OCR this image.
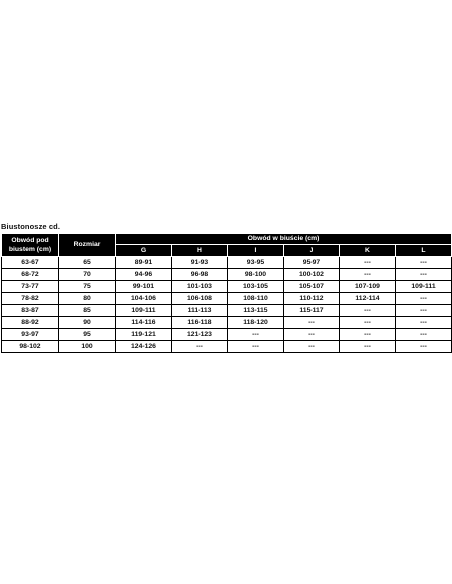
Biustonosze cd.
Obwód pod biustem (cm)	Rozmiar	Obwód w biuście (cm)					
		G	H	I	J	K	L
63-67	65	89-91	91-93	93-95	95-97	---	---
68-72	70	94-96	96-98	98-100	100-102	---	---
73-77	75	99-101	101-103	103-105	105-107	107-109	109-111
78-82	80	104-106	106-108	108-110	110-112	112-114	---
83-87	85	109-111	111-113	113-115	115-117	---	---
88-92	90	114-116	116-118	118-120	---	---	---
93-97	95	119-121	121-123	---	---	---	---
98-102	100	124-126	---	---	---	---	---
